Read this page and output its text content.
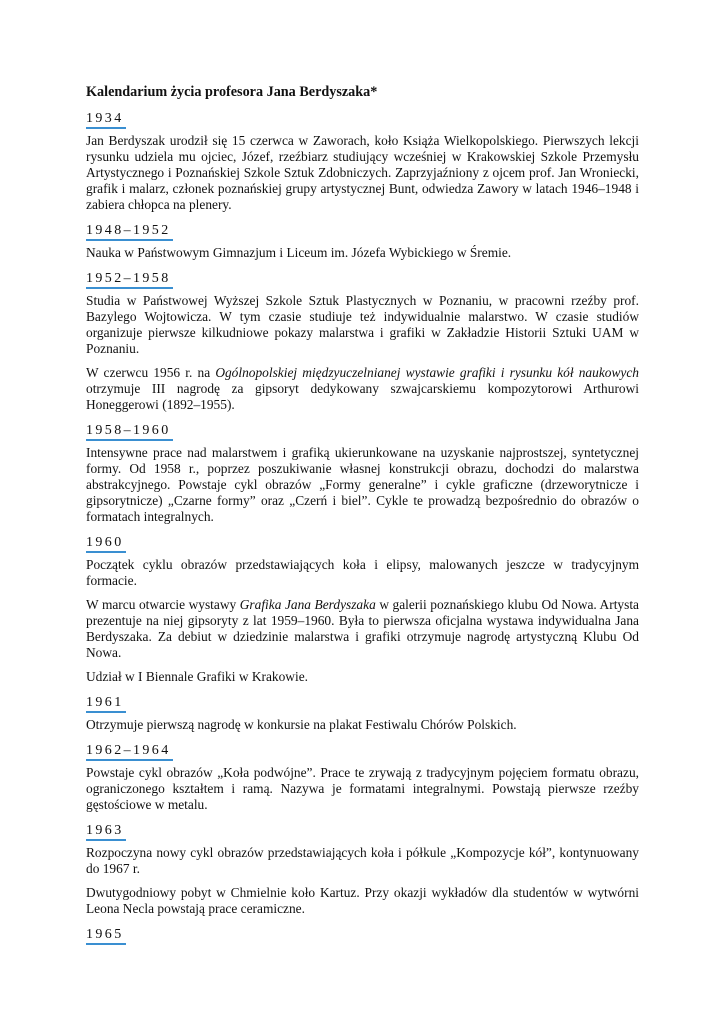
Kalendarium życia profesora Jana Berdyszaka*
1934

Jan Berdyszak urodził się 15 czerwca w Zaworach, koło Książa Wielkopolskiego. Pierwszych lekcji rysunku udziela mu ojciec, Józef, rzeźbiarz studiujący wcześniej w Krakowskiej Szkole Przemysłu Artystycznego i Poznańskiej Szkole Sztuk Zdobniczych. Zaprzyjaźniony z ojcem prof. Jan Wroniecki, grafik i malarz, członek poznańskiej grupy artystycznej Bunt, odwiedza Zawory w latach 1946–1948 i zabiera chłopca na plenery.

1948–1952

Nauka w Państwowym Gimnazjum i Liceum im. Józefa Wybickiego w Śremie.

1952–1958

Studia w Państwowej Wyższej Szkole Sztuk Plastycznych w Poznaniu, w pracowni rzeźby prof. Bazylego Wojtowicza. W tym czasie studiuje też indywidualnie malarstwo. W czasie studiów organizuje pierwsze kilkudniowe pokazy malarstwa i grafiki w Zakładzie Historii Sztuki UAM w Poznaniu.

W czerwcu 1956 r. na Ogólnopolskiej międzyuczelnianej wystawie grafiki i rysunku kół naukowych otrzymuje III nagrodę za gipsoryt dedykowany szwajcarskiemu kompozytorowi Arthurowi Honeggerowi (1892–1955).

1958–1960

Intensywne prace nad malarstwem i grafiką ukierunkowane na uzyskanie najprostszej, syntetycznej formy. Od 1958 r., poprzez poszukiwanie własnej konstrukcji obrazu, dochodzi do malarstwa abstrakcyjnego. Powstaje cykl obrazów „Formy generalne” i cykle graficzne (drzeworytnicze i gipsorytnicze) „Czarne formy” oraz „Czerń i biel”. Cykle te prowadzą bezpośrednio do obrazów o formatach integralnych.

1960

Początek cyklu obrazów przedstawiających koła i elipsy, malowanych jeszcze w tradycyjnym formacie.

W marcu otwarcie wystawy Grafika Jana Berdyszaka w galerii poznańskiego klubu Od Nowa. Artysta prezentuje na niej gipsoryty z lat 1959–1960. Była to pierwsza oficjalna wystawa indywidualna Jana Berdyszaka. Za debiut w dziedzinie malarstwa i grafiki otrzymuje nagrodę artystyczną Klubu Od Nowa.

Udział w I Biennale Grafiki w Krakowie.

1961

Otrzymuje pierwszą nagrodę w konkursie na plakat Festiwalu Chórów Polskich.

1962–1964

Powstaje cykl obrazów „Koła podwójne”. Prace te zrywają z tradycyjnym pojęciem formatu obrazu, ograniczonego kształtem i ramą. Nazywa je formatami integralnymi. Powstają pierwsze rzeźby gęstościowe w metalu.

1963

Rozpoczyna nowy cykl obrazów przedstawiających koła i półkule „Kompozycje kół”, kontynuowany do 1967 r.

Dwutygodniowy pobyt w Chmielnie koło Kartuz. Przy okazji wykładów dla studentów w wytwórni Leona Necla powstają prace ceramiczne.

1965
